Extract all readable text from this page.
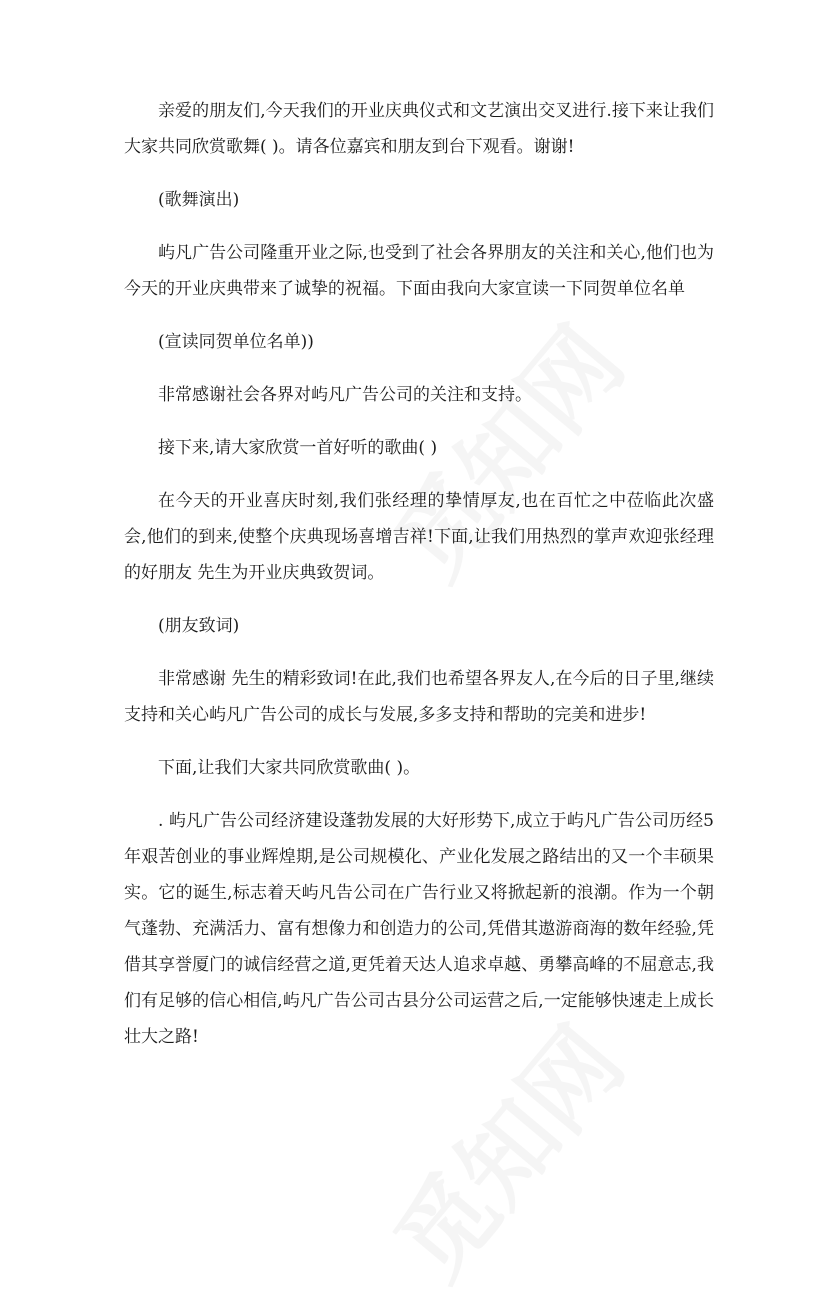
亲爱的朋友们,今天我们的开业庆典仪式和文艺演出交叉进行.接下来让我们大家共同欣赏歌舞( )。请各位嘉宾和朋友到台下观看。谢谢!

(歌舞演出)

屿凡广告公司隆重开业之际,也受到了社会各界朋友的关注和关心,他们也为今天的开业庆典带来了诚挚的祝福。下面由我向大家宣读一下同贺单位名单

(宣读同贺单位名单))

非常感谢社会各界对屿凡广告公司的关注和支持。

接下来,请大家欣赏一首好听的歌曲( )

在今天的开业喜庆时刻,我们张经理的挚情厚友,也在百忙之中莅临此次盛会,他们的到来,使整个庆典现场喜增吉祥!下面,让我们用热烈的掌声欢迎张经理的好朋友 先生为开业庆典致贺词。

(朋友致词)

非常感谢 先生的精彩致词!在此,我们也希望各界友人,在今后的日子里,继续支持和关心屿凡广告公司的成长与发展,多多支持和帮助的完美和进步!

下面,让我们大家共同欣赏歌曲( )。

. 屿凡广告公司经济建设蓬勃发展的大好形势下,成立于屿凡广告公司历经5年艰苦创业的事业辉煌期,是公司规模化、产业化发展之路结出的又一个丰硕果实。它的诞生,标志着天屿凡告公司在广告行业又将掀起新的浪潮。作为一个朝气蓬勃、充满活力、富有想像力和创造力的公司,凭借其遨游商海的数年经验,凭借其享誉厦门的诚信经营之道,更凭着天达人追求卓越、勇攀高峰的不屈意志,我们有足够的信心相信,屿凡广告公司古县分公司运营之后,一定能够快速走上成长壮大之路!
